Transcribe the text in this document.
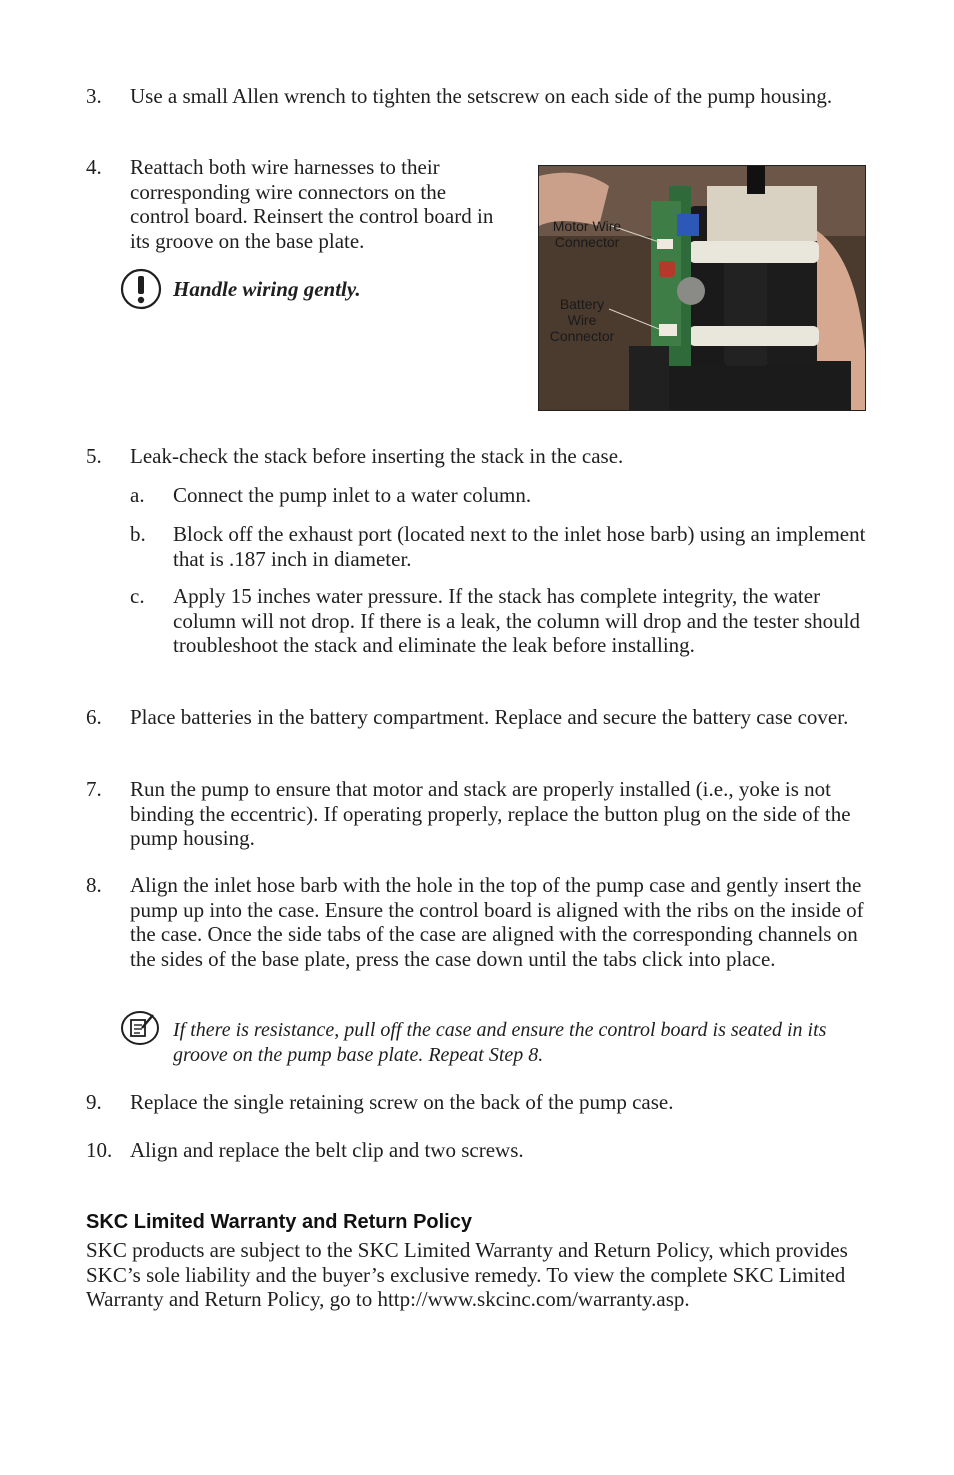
3. Use a small Allen wrench to tighten the setscrew on each side of the pump housing.
4. Reattach both wire harnesses to their corresponding wire connectors on the control board. Reinsert the control board in its groove on the base plate.
Handle wiring gently.
Motor Wire
Connector
Battery
Wire
Connector
5. Leak-check the stack before inserting the stack in the case.
a. Connect the pump inlet to a water column.
b. Block off the exhaust port (located next to the inlet hose barb) using an implement that is .187 inch in diameter.
c. Apply 15 inches water pressure. If the stack has complete integrity, the water column will not drop. If there is a leak, the column will drop and the tester should troubleshoot the stack and eliminate the leak before installing.
6. Place batteries in the battery compartment. Replace and secure the battery case cover.
7. Run the pump to ensure that motor and stack are properly installed (i.e., yoke is not binding the eccentric). If operating properly, replace the button plug on the side of the pump housing.
8. Align the inlet hose barb with the hole in the top of the pump case and gently insert the pump up into the case. Ensure the control board is aligned with the ribs on the inside of the case. Once the side tabs of the case are aligned with the corresponding channels on the sides of the base plate, press the case down until the tabs click into place.
If there is resistance, pull off the case and ensure the control board is seated in its groove on the pump base plate. Repeat Step 8.
9. Replace the single retaining screw on the back of the pump case.
10. Align and replace the belt clip and two screws.
SKC Limited Warranty and Return Policy
SKC products are subject to the SKC Limited Warranty and Return Policy, which provides SKC’s sole liability and the buyer’s exclusive remedy. To view the complete SKC Limited Warranty and Return Policy, go to http://www.skcinc.com/warranty.asp.
